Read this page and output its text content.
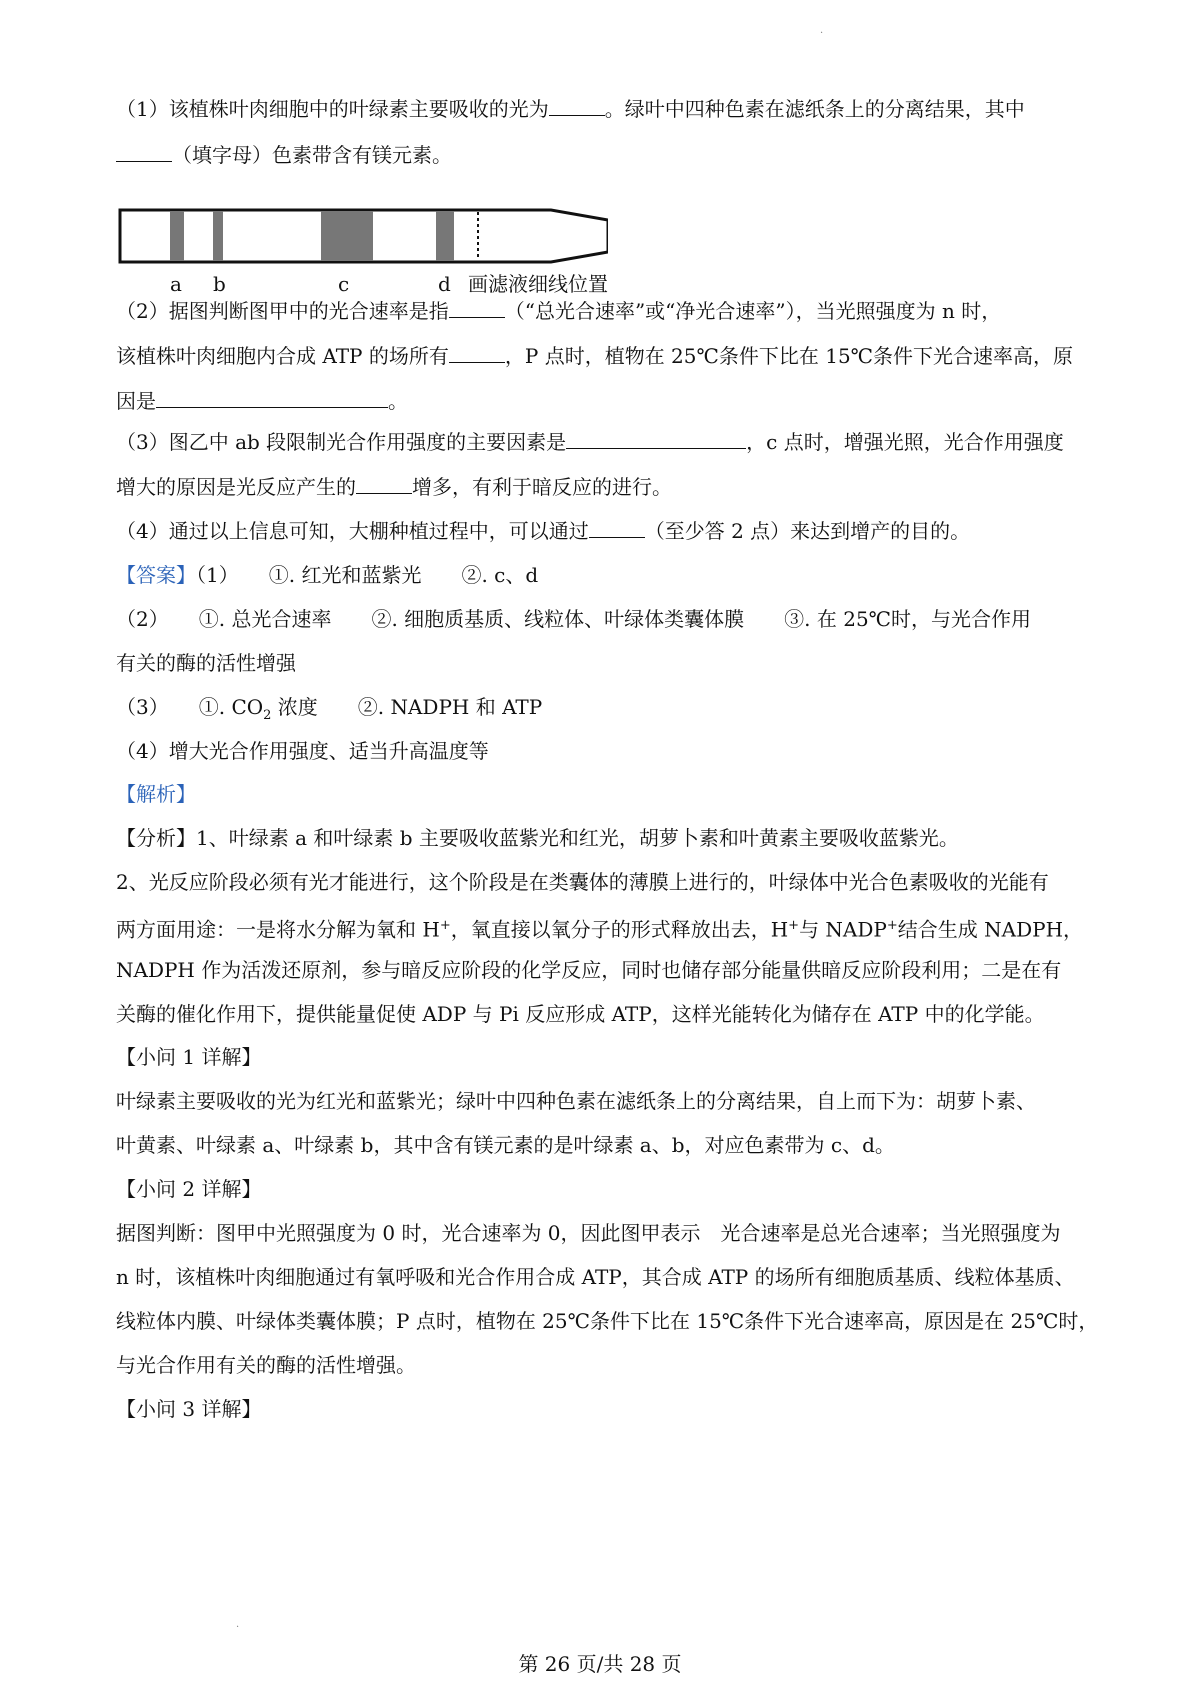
·
（1）该植株叶肉细胞中的叶绿素主要吸收的光为	。绿叶中四种色素在滤纸条上的分离结果，其中
（填字母）色素带含有镁元素。
a b	c	d 画滤液细线位置
（2）据图判断图甲中的光合速率是指	（“总光合速率”或“净光合速率”），当光照强度为 n 时，
该植株叶肉细胞内合成 ATP 的场所有	，P 点时，植物在 25℃条件下比在 15℃条件下光合速率高，原
因是	。
（3）图乙中 ab 段限制光合作用强度的主要因素是	，c 点时，增强光照，光合作用强度
增大的原因是光反应产生的	增多，有利于暗反应的进行。
（4）通过以上信息可知，大棚种植过程中，可以通过	（至少答 2 点）来达到增产的目的。
【答案】（1）　　①. 红光和蓝紫光　　②. c、d
（2）　　①. 总光合速率　　②. 细胞质基质、线粒体、叶绿体类囊体膜　　③. 在 25℃时，与光合作用
有关的酶的活性增强
（3）　　①. $CO_2$ 浓度　　②. NADPH 和 ATP
（4）增大光合作用强度、适当升高温度等
【解析】
【分析】1、叶绿素 a 和叶绿素 b 主要吸收蓝紫光和红光，胡萝卜素和叶黄素主要吸收蓝紫光。
2、光反应阶段必须有光才能进行，这个阶段是在类囊体的薄膜上进行的，叶绿体中光合色素吸收的光能有
两方面用途：一是将水分解为氧和 H+，氧直接以氧分子的形式释放出去，H+与 NADP+结合生成 NADPH，
NADPH 作为活泼还原剂，参与暗反应阶段的化学反应，同时也储存部分能量供暗反应阶段利用；二是在有
关酶的催化作用下，提供能量促使 ADP 与 Pi 反应形成 ATP，这样光能转化为储存在 ATP 中的化学能。
【小问 1 详解】
叶绿素主要吸收的光为红光和蓝紫光；绿叶中四种色素在滤纸条上的分离结果，自上而下为：胡萝卜素、
叶黄素、叶绿素 a、叶绿素 b，其中含有镁元素的是叶绿素 a、b，对应色素带为 c、d。
【小问 2 详解】
据图判断：图甲中光照强度为 0 时，光合速率为 0，因此图甲表示　光合速率是总光合速率；当光照强度为
n 时，该植株叶肉细胞通过有氧呼吸和光合作用合成 ATP，其合成 ATP 的场所有细胞质基质、线粒体基质、
线粒体内膜、叶绿体类囊体膜；P 点时，植物在 25℃条件下比在 15℃条件下光合速率高，原因是在 25℃时，
与光合作用有关的酶的活性增强。
【小问 3 详解】
·
第 26 页/共 28 页
